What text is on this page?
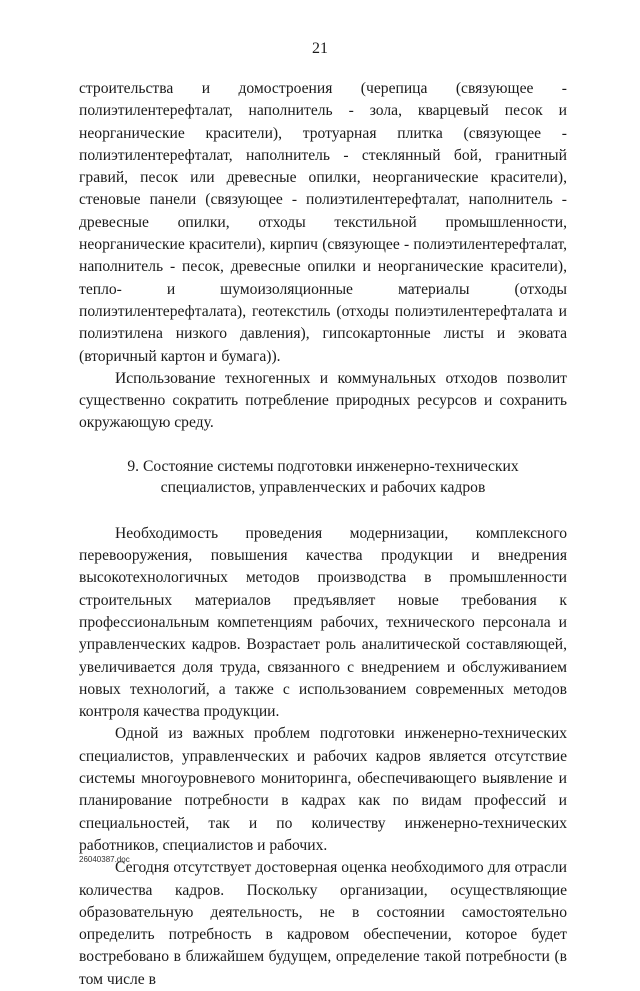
21

строительства и домостроения (черепица (связующее - полиэтилентерефталат, наполнитель - зола, кварцевый песок и неорганические красители), тротуарная плитка (связующее - полиэтилентерефталат, наполнитель - стеклянный бой, гранитный гравий, песок или древесные опилки, неорганические красители), стеновые панели (связующее - полиэтилентерефталат, наполнитель - древесные опилки, отходы текстильной промышленности, неорганические красители), кирпич (связующее - полиэтилентерефталат, наполнитель - песок, древесные опилки и неорганические красители), тепло- и шумоизоляционные материалы (отходы полиэтилентерефталата), геотекстиль (отходы полиэтилентерефталата и полиэтилена низкого давления), гипсокартонные листы и эковата (вторичный картон и бумага)).

Использование техногенных и коммунальных отходов позволит существенно сократить потребление природных ресурсов и сохранить окружающую среду.

9. Состояние системы подготовки инженерно-технических
специалистов, управленческих и рабочих кадров

Необходимость проведения модернизации, комплексного перевооружения, повышения качества продукции и внедрения высокотехнологичных методов производства в промышленности строительных материалов предъявляет новые требования к профессиональным компетенциям рабочих, технического персонала и управленческих кадров. Возрастает роль аналитической составляющей, увеличивается доля труда, связанного с внедрением и обслуживанием новых технологий, а также с использованием современных методов контроля качества продукции.

Одной из важных проблем подготовки инженерно-технических специалистов, управленческих и рабочих кадров является отсутствие системы многоуровневого мониторинга, обеспечивающего выявление и планирование потребности в кадрах как по видам профессий и специальностей, так и по количеству инженерно-технических работников, специалистов и рабочих.

Сегодня отсутствует достоверная оценка необходимого для отрасли количества кадров. Поскольку организации, осуществляющие образовательную деятельность, не в состоянии самостоятельно определить потребность в кадровом обеспечении, которое будет востребовано в ближайшем будущем, определение такой потребности (в том числе в

26040387.doc
